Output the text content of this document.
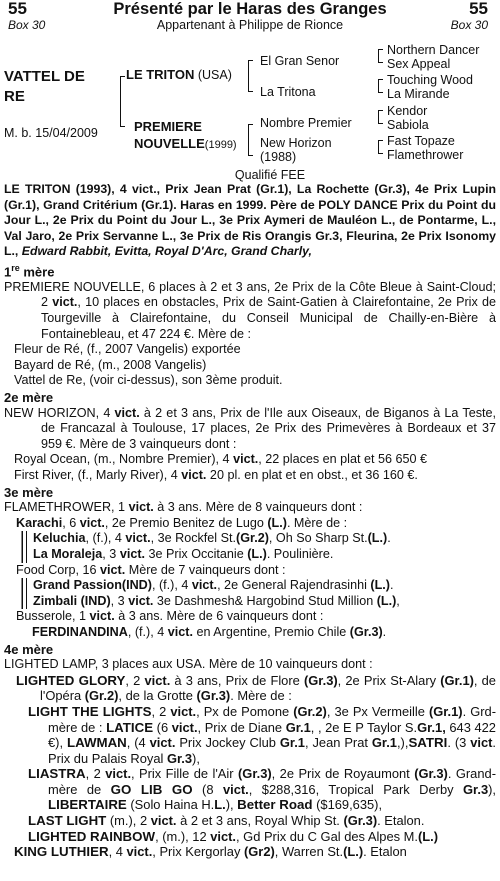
55
Box 30
Présenté par le Haras des Granges
Appartenant à Philippe de Rionce
55
Box 30
VATTEL DE
RE
M. b. 15/04/2009
LE TRITON (USA)
PREMIERE
NOUVELLE(1999)
El Gran Senor
La Tritona
Nombre Premier
New Horizon
(1988)
Northern Dancer
Sex Appeal
Touching Wood
La Mirande
Kendor
Sabiola
Fast Topaze
Flamethrower
Qualifié FEE
LE TRITON (1993), 4 vict., Prix Jean Prat (Gr.1), La Rochette (Gr.3), 4e Prix Lupin (Gr.1), Grand Critérium (Gr.1). Haras en 1999. Père de POLY DANCE Prix du Point du Jour L., 2e Prix du Point du Jour L., 3e Prix Aymeri de Mauléon L., de Pontarme, L., Val Jaro, 2e Prix Servanne L., 3e Prix de Ris Orangis Gr.3, Fleurina, 2e Prix Isonomy L., Edward Rabbit, Evitta, Royal D'Arc, Grand Charly,
1re mère
PREMIERE NOUVELLE, 6 places à 2 et 3 ans, 2e Prix de la Côte Bleue à Saint-Cloud; 2 vict., 10 places en obstacles, Prix de Saint-Gatien à Clairefontaine, 2e Prix de Tourgeville à Clairefontaine, du Conseil Municipal de Chailly-en-Bière à Fontainebleau, et 47 224 €. Mère de :
Fleur de Ré, (f., 2007 Vangelis) exportée
Bayard de Ré, (m., 2008 Vangelis)
Vattel de Re, (voir ci-dessus), son 3ème produit.
2e mère
NEW HORIZON, 4 vict. à 2 et 3 ans, Prix de l'Ile aux Oiseaux, de Biganos à La Teste, de Francazal à Toulouse, 17 places, 2e Prix des Primevères à Bordeaux et 37 959 €. Mère de 3 vainqueurs dont :
Royal Ocean, (m., Nombre Premier), 4 vict., 22 places en plat et 56 650 €
First River, (f., Marly River), 4 vict. 20 pl. en plat et en obst., et 36 160 €.
3e mère
FLAMETHROWER, 1 vict. à 3 ans. Mère de 8 vainqueurs dont :
Karachi, 6 vict., 2e Premio Benitez de Lugo (L.). Mère de :
Keluchia, (f.), 4 vict., 3e Rockfel St.(Gr.2), Oh So Sharp St.(L.).
La Moraleja, 3 vict. 3e Prix Occitanie (L.). Poulinière.
Food Corp, 16 vict. Mère de 7 vainqueurs dont :
Grand Passion(IND), (f.), 4 vict., 2e General Rajendrasinhi (L.).
Zimbali (IND), 3 vict. 3e Dashmesh& Hargobind Stud Million (L.),
Busserole, 1 vict. à 3 ans. Mère de 6 vainqueurs dont :
FERDINANDINA, (f.), 4 vict. en Argentine, Premio Chile (Gr.3).
4e mère
LIGHTED LAMP, 3 places aux USA. Mère de 10 vainqueurs dont :
LIGHTED GLORY, 2 vict. à 3 ans, Prix de Flore (Gr.3), 2e Prix St-Alary (Gr.1), de l'Opéra (Gr.2), de la Grotte (Gr.3). Mère de :
LIGHT THE LIGHTS, 2 vict., Px de Pomone (Gr.2), 3e Px Vermeille (Gr.1). Grd-mère de : LATICE (6 vict., Prix de Diane Gr.1, , 2e E P Taylor S.Gr.1, 643 422 €), LAWMAN, (4 vict. Prix Jockey Club Gr.1, Jean Prat Gr.1,),SATRI. (3 vict. Prix du Palais Royal Gr.3),
LIASTRA, 2 vict., Prix Fille de l'Air (Gr.3), 2e Prix de Royaumont (Gr.3). Grand-mère de GO LIB GO (8 vict., $288,316, Tropical Park Derby Gr.3), LIBERTAIRE (Solo Haina H.L.), Better Road ($169,635),
LAST LIGHT (m.), 2 vict. à 2 et 3 ans, Royal Whip St. (Gr.3). Etalon.
LIGHTED RAINBOW, (m.), 12 vict., Gd Prix du C Gal des Alpes M.(L.)
KING LUTHIER, 4 vict., Prix Kergorlay (Gr2), Warren St.(L.). Etalon
